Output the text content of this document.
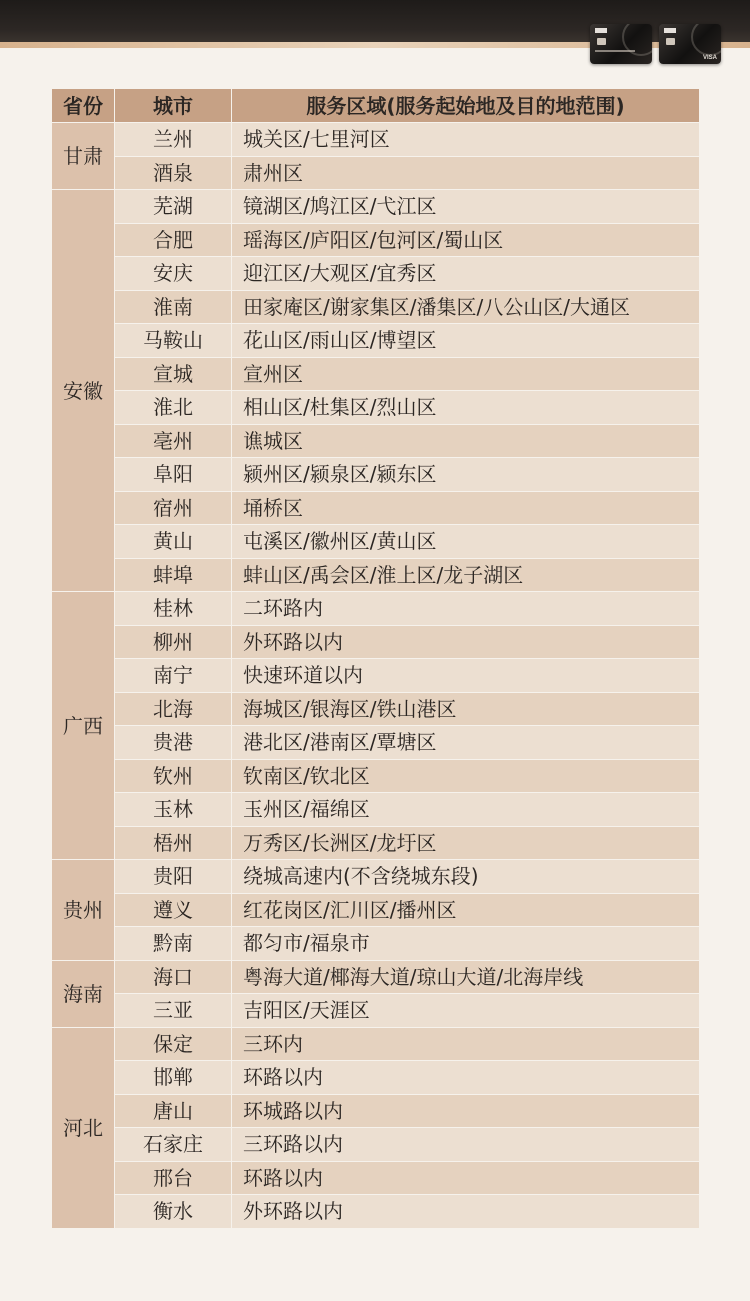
VISA
省份	城市	服务区域(服务起始地及目的地范围)
甘肃	兰州	城关区/七里河区
	酒泉	肃州区
安徽	芜湖	镜湖区/鸠江区/弋江区
	合肥	瑶海区/庐阳区/包河区/蜀山区
	安庆	迎江区/大观区/宜秀区
	淮南	田家庵区/谢家集区/潘集区/八公山区/大通区
	马鞍山	花山区/雨山区/博望区
	宣城	宣州区
	淮北	相山区/杜集区/烈山区
	亳州	谯城区
	阜阳	颍州区/颍泉区/颍东区
	宿州	埇桥区
	黄山	屯溪区/徽州区/黄山区
	蚌埠	蚌山区/禹会区/淮上区/龙子湖区
广西	桂林	二环路内
	柳州	外环路以内
	南宁	快速环道以内
	北海	海城区/银海区/铁山港区
	贵港	港北区/港南区/覃塘区
	钦州	钦南区/钦北区
	玉林	玉州区/福绵区
	梧州	万秀区/长洲区/龙圩区
贵州	贵阳	绕城高速内(不含绕城东段)
	遵义	红花岗区/汇川区/播州区
	黔南	都匀市/福泉市
海南	海口	粤海大道/椰海大道/琼山大道/北海岸线
	三亚	吉阳区/天涯区
河北	保定	三环内
	邯郸	环路以内
	唐山	环城路以内
	石家庄	三环路以内
	邢台	环路以内
	衡水	外环路以内
